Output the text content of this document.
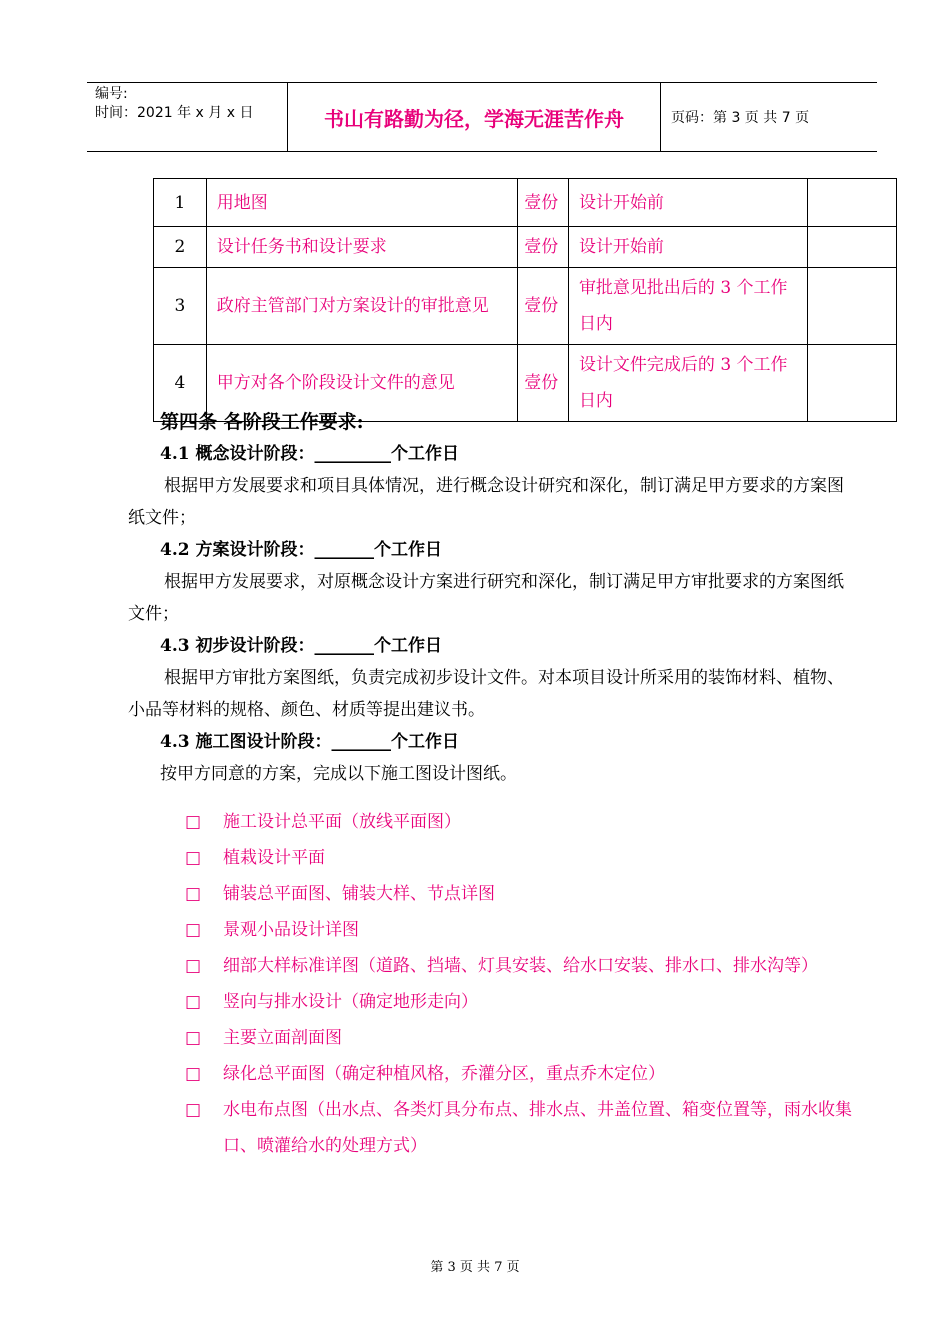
编号:
时间：2021 年 x 月 x 日	书山有路勤为径，学海无涯苦作舟	页码：第 3 页 共 7 页
1	用地图	壹份	设计开始前	
2	设计任务书和设计要求	壹份	设计开始前	
3	政府主管部门对方案设计的审批意见	壹份	审批意见批出后的 3 个工作日内	
4	甲方对各个阶段设计文件的意见	壹份	设计文件完成后的 3 个工作日内	
第四条 各阶段工作要求:
4.1 概念设计阶段：_________个工作日
根据甲方发展要求和项目具体情况，进行概念设计研究和深化，制订满足甲方要求的方案图纸文件；
4.2 方案设计阶段：_______个工作日
根据甲方发展要求，对原概念设计方案进行研究和深化，制订满足甲方审批要求的方案图纸文件；
4.3 初步设计阶段：_______个工作日
根据甲方审批方案图纸，负责完成初步设计文件。对本项目设计所采用的装饰材料、植物、小品等材料的规格、颜色、材质等提出建议书。
4.3 施工图设计阶段：_______个工作日
按甲方同意的方案，完成以下施工图设计图纸。
□	施工设计总平面（放线平面图）
□	植栽设计平面
□	铺装总平面图、铺装大样、节点详图
□	景观小品设计详图
□	细部大样标准详图（道路、挡墙、灯具安装、给水口安装、排水口、排水沟等）
□	竖向与排水设计（确定地形走向）
□	主要立面剖面图
□	绿化总平面图（确定种植风格，乔灌分区，重点乔木定位）
□	水电布点图（出水点、各类灯具分布点、排水点、井盖位置、箱变位置等，雨水收集口、喷灌给水的处理方式）
第 3 页 共 7 页
